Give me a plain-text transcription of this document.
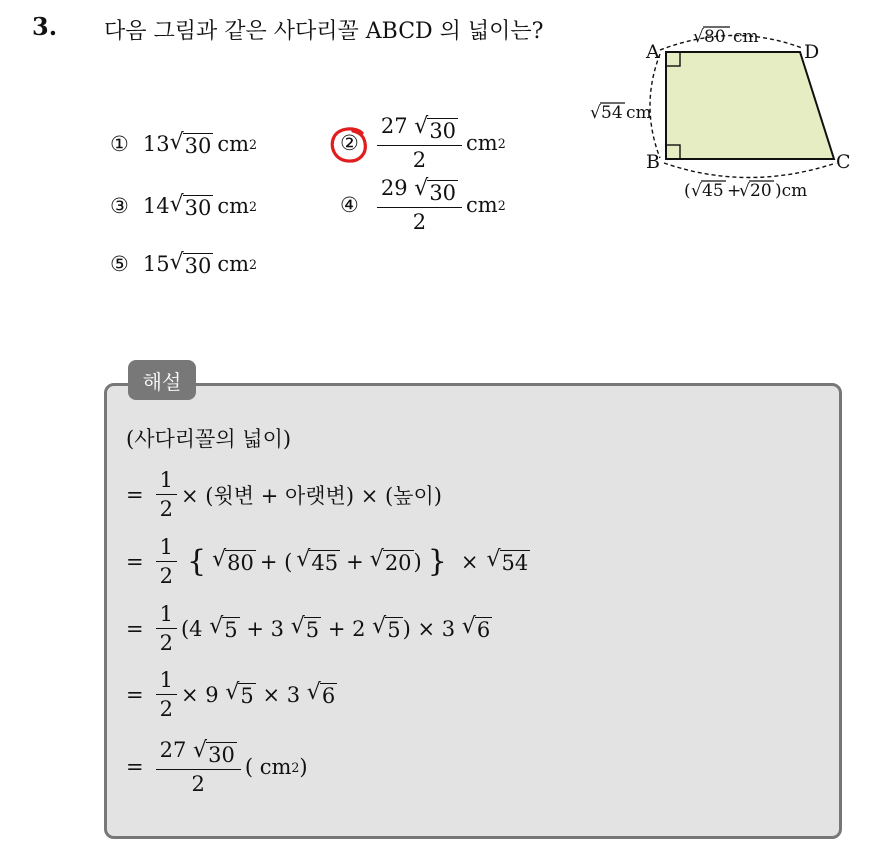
3. 다음 그림과 같은 사다리꼴 ABCD 의 넓이는?
① 13 √ 30 cm 2	② $\frac{27 √ 30}{2}$ cm 2
③ 14 √ 30 cm 2	④ $\frac{29 √ 30}{2}$ cm 2
⑤ 15 √ 30 cm 2
A	D
B	C
√ 80 cm
√ 54 cm
( √ 45 +
√ 20 )cm
해설
(사다리꼴의 넓이)
= $\frac{1}{2}$ × (윗변 + 아랫변) × (높이)
= $\frac{1}{2}$ { √ 80 + ( √ 45 + √ 20 ) } × √ 54
= $\frac{1}{2} (4$
√ 5
+ 3
√ 5
+ 2
√ 5 ) × 3
√ 6
= $\frac{1}{2} \times 9$
√ 5
× 3
√ 6
= $\frac{27 √ 30}{2}$ ( cm 2 )
